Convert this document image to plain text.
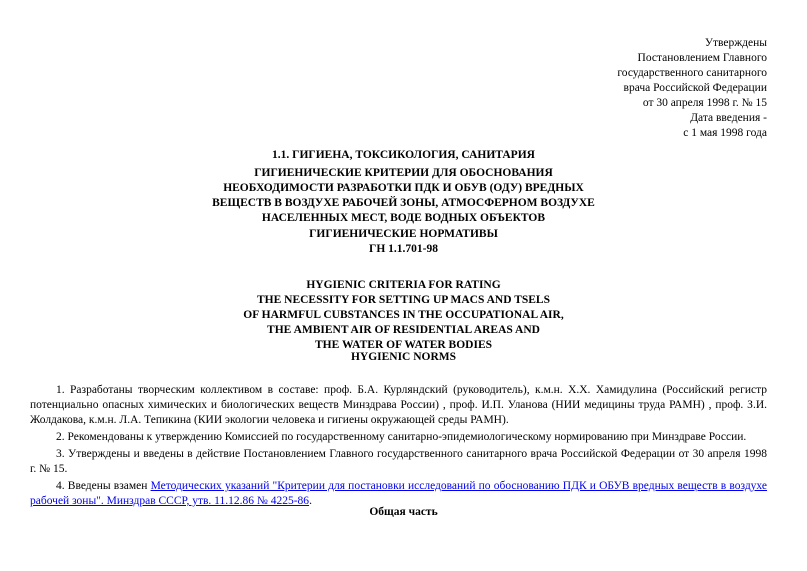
Утверждены
Постановлением Главного
государственного санитарного
врача Российской Федерации
от 30 апреля 1998 г. № 15
Дата введения -
с 1 мая 1998 года
1.1. ГИГИЕНА, ТОКСИКОЛОГИЯ, САНИТАРИЯ
ГИГИЕНИЧЕСКИЕ КРИТЕРИИ ДЛЯ ОБОСНОВАНИЯ
НЕОБХОДИМОСТИ РАЗРАБОТКИ ПДК И ОБУВ (ОДУ) ВРЕДНЫХ
ВЕЩЕСТВ В ВОЗДУХЕ РАБОЧЕЙ ЗОНЫ, АТМОСФЕРНОМ ВОЗДУХЕ
НАСЕЛЕННЫХ МЕСТ, ВОДЕ ВОДНЫХ ОБЪЕКТОВ
ГИГИЕНИЧЕСКИЕ НОРМАТИВЫ
ГН 1.1.701-98
HYGIENIC CRITERIA FOR RATING
THE NECESSITY FOR SETTING UP MACS AND TSELS
OF HARMFUL CUBSTANCES IN THE OCCUPATIONAL AIR,
THE AMBIENT AIR OF RESIDENTIAL AREAS AND
THE WATER OF WATER BODIES
HYGIENIC NORMS

1. Разработаны творческим коллективом в составе: проф. Б.А. Курляндский (руководитель), к.м.н. Х.Х. Хамидулина (Российский регистр потенциально опасных химических и биологических веществ Минздрава России) , проф. И.П. Уланова (НИИ медицины труда РАМН) , проф. З.И. Жолдакова, к.м.н. Л.А. Тепикина (КИИ экологии человека и гигиены окружающей среды РАМН).

2. Рекомендованы к утверждению Комиссией по государственному санитарно-эпидемиологическому нормированию при Минздраве России.

3. Утверждены и введены в действие Постановлением Главного государственного санитарного врача Российской Федерации от 30 апреля 1998 г. № 15.

4. Введены взамен Методических указаний "Критерии для постановки исследований по обоснованию ПДК и ОБУВ вредных веществ в воздухе рабочей зоны". Минздрав СССР, утв. 11.12.86 № 4225-86.

Общая часть
